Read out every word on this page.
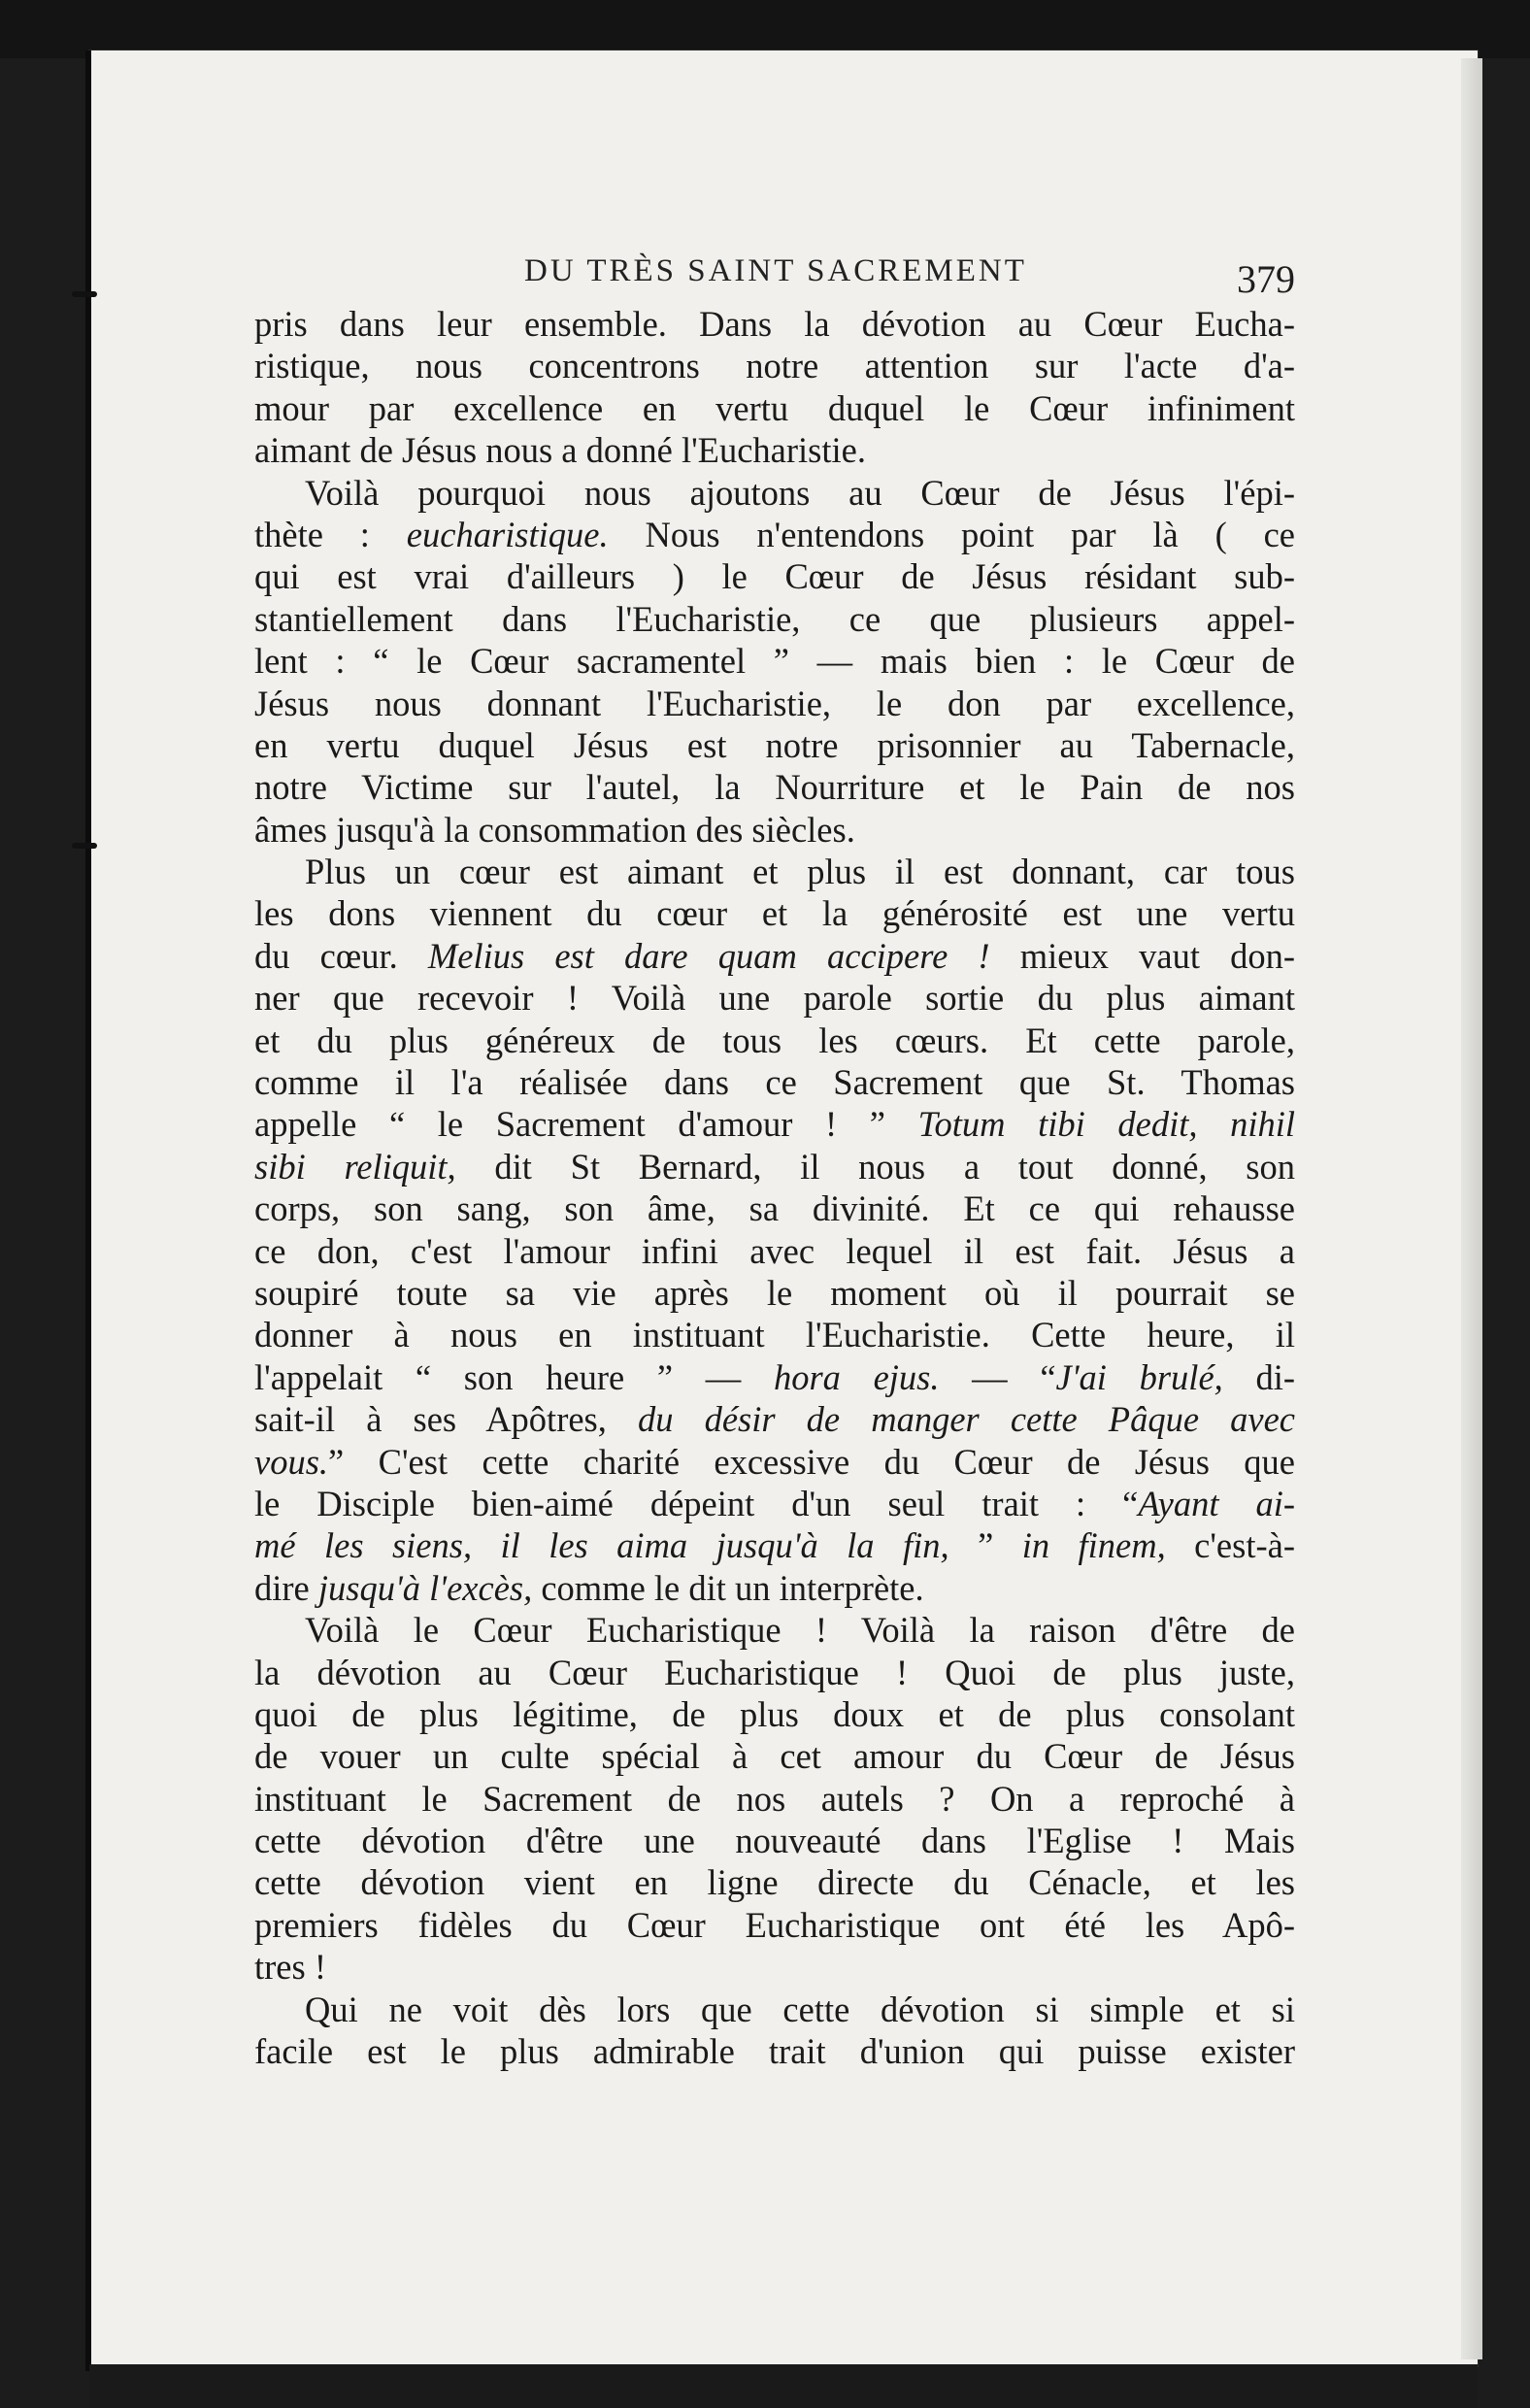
DU TRÈS SAINT SACREMENT	379
pris dans leur ensemble. Dans la dévotion au Cœur Eucha-
ristique, nous concentrons notre attention sur l'acte d'a-
mour par excellence en vertu duquel le Cœur infiniment
aimant de Jésus nous a donné l'Eucharistie.
Voilà pourquoi nous ajoutons au Cœur de Jésus l'épi-
thète : eucharistique. Nous n'entendons point par là ( ce
qui est vrai d'ailleurs ) le Cœur de Jésus résidant sub-
stantiellement dans l'Eucharistie, ce que plusieurs appel-
lent : “ le Cœur sacramentel ” — mais bien : le Cœur de
Jésus nous donnant l'Eucharistie, le don par excellence,
en vertu duquel Jésus est notre prisonnier au Tabernacle,
notre Victime sur l'autel, la Nourriture et le Pain de nos
âmes jusqu'à la consommation des siècles.
Plus un cœur est aimant et plus il est donnant, car tous
les dons viennent du cœur et la générosité est une vertu
du cœur. Melius est dare quam accipere ! mieux vaut don-
ner que recevoir ! Voilà une parole sortie du plus aimant
et du plus généreux de tous les cœurs. Et cette parole,
comme il l'a réalisée dans ce Sacrement que St. Thomas
appelle “ le Sacrement d'amour ! ” Totum tibi dedit, nihil
sibi reliquit, dit St Bernard, il nous a tout donné, son
corps, son sang, son âme, sa divinité. Et ce qui rehausse
ce don, c'est l'amour infini avec lequel il est fait. Jésus a
soupiré toute sa vie après le moment où il pourrait se
donner à nous en instituant l'Eucharistie. Cette heure, il
l'appelait “ son heure ” — hora ejus. — “J'ai brulé, di-
sait-il à ses Apôtres, du désir de manger cette Pâque avec
vous.” C'est cette charité excessive du Cœur de Jésus que
le Disciple bien-aimé dépeint d'un seul trait : “Ayant ai-
mé les siens, il les aima jusqu'à la fin, ” in finem, c'est-à-
dire jusqu'à l'excès, comme le dit un interprète.
Voilà le Cœur Eucharistique ! Voilà la raison d'être de
la dévotion au Cœur Eucharistique ! Quoi de plus juste,
quoi de plus légitime, de plus doux et de plus consolant
de vouer un culte spécial à cet amour du Cœur de Jésus
instituant le Sacrement de nos autels ? On a reproché à
cette dévotion d'être une nouveauté dans l'Eglise ! Mais
cette dévotion vient en ligne directe du Cénacle, et les
premiers fidèles du Cœur Eucharistique ont été les Apô-
tres !
Qui ne voit dès lors que cette dévotion si simple et si
facile est le plus admirable trait d'union qui puisse exister
